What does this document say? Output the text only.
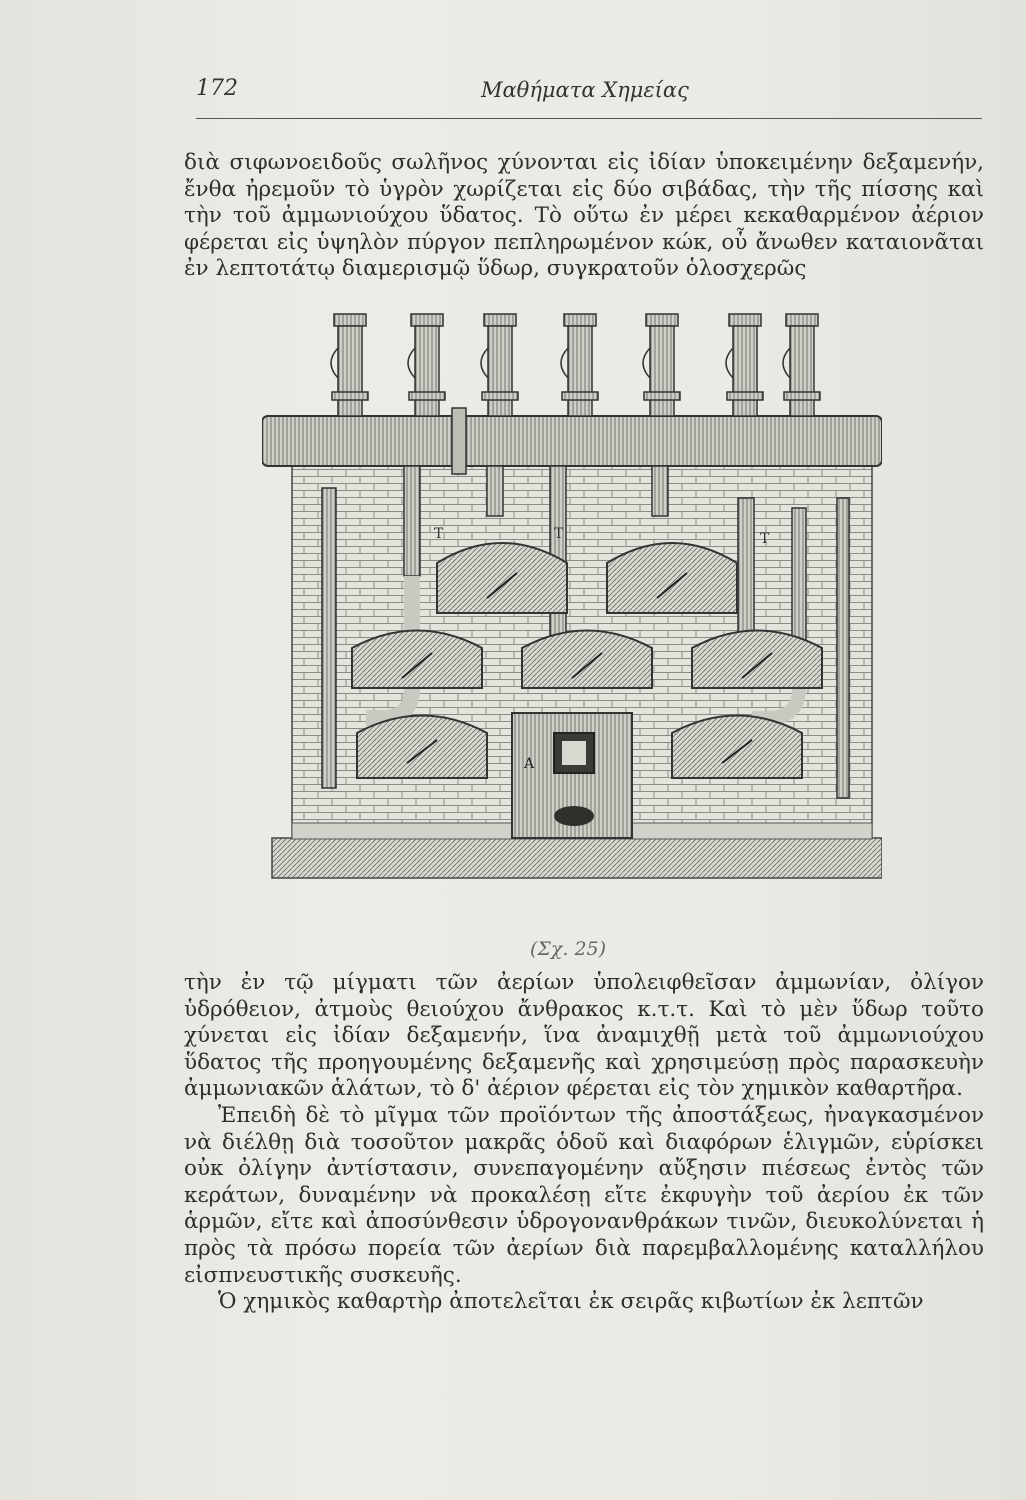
172	Μαθήματα Χημείας

διὰ σιφωνοειδοῦς σωλῆνος χύνονται εἰς ἰδίαν ὑποκειμένην δεξαμενήν, ἔνθα ἠρεμοῦν τὸ ὑγρὸν χωρίζεται εἰς δύο σιβάδας, τὴν τῆς πίσσης καὶ τὴν τοῦ ἀμμωνιούχου ὕδατος. Τὸ οὕτω ἐν μέρει κεκαθαρμένον ἀέριον φέρεται εἰς ὑψηλὸν πύργον πεπληρωμένον κώκ, οὗ ἄνωθεν καταιονᾶται ἐν λεπτοτάτῳ διαμερισμῷ ὕδωρ, συγκρατοῦν ὁλοσχερῶς

T	T	T
A
(Σχ. 25)

τὴν ἐν τῷ μίγματι τῶν ἀερίων ὑπολειφθεῖσαν ἀμμωνίαν, ὀλίγον ὑδρόθειον, ἀτμοὺς θειούχου ἄνθρακος κ.τ.τ. Καὶ τὸ μὲν ὕδωρ τοῦτο χύνεται εἰς ἰδίαν δεξαμενήν, ἵνα ἀναμιχθῇ μετὰ τοῦ ἀμμωνιούχου ὕδατος τῆς προηγουμένης δεξαμενῆς καὶ χρησιμεύσῃ πρὸς παρασκευὴν ἀμμωνιακῶν ἁλάτων, τὸ δ' ἀέριον φέρεται εἰς τὸν χημικὸν καθαρτῆρα.

Ἐπειδὴ δὲ τὸ μῖγμα τῶν προϊόντων τῆς ἀποστάξεως, ἠναγκασμένον νὰ διέλθῃ διὰ τοσοῦτον μακρᾶς ὁδοῦ καὶ διαφόρων ἑλιγμῶν, εὑρίσκει οὐκ ὀλίγην ἀντίστασιν, συνεπαγομένην αὔξησιν πιέσεως ἐντὸς τῶν κεράτων, δυναμένην νὰ προκαλέσῃ εἴτε ἐκφυγὴν τοῦ ἀερίου ἐκ τῶν ἁρμῶν, εἴτε καὶ ἀποσύνθεσιν ὑδρογονανθράκων τινῶν, διευκολύνεται ἡ πρὸς τὰ πρόσω πορεία τῶν ἀερίων διὰ παρεμβαλλομένης καταλλήλου εἰσπνευστικῆς συσκευῆς.

Ὁ χημικὸς καθαρτὴρ ἀποτελεῖται ἐκ σειρᾶς κιβωτίων ἐκ λεπτῶν
